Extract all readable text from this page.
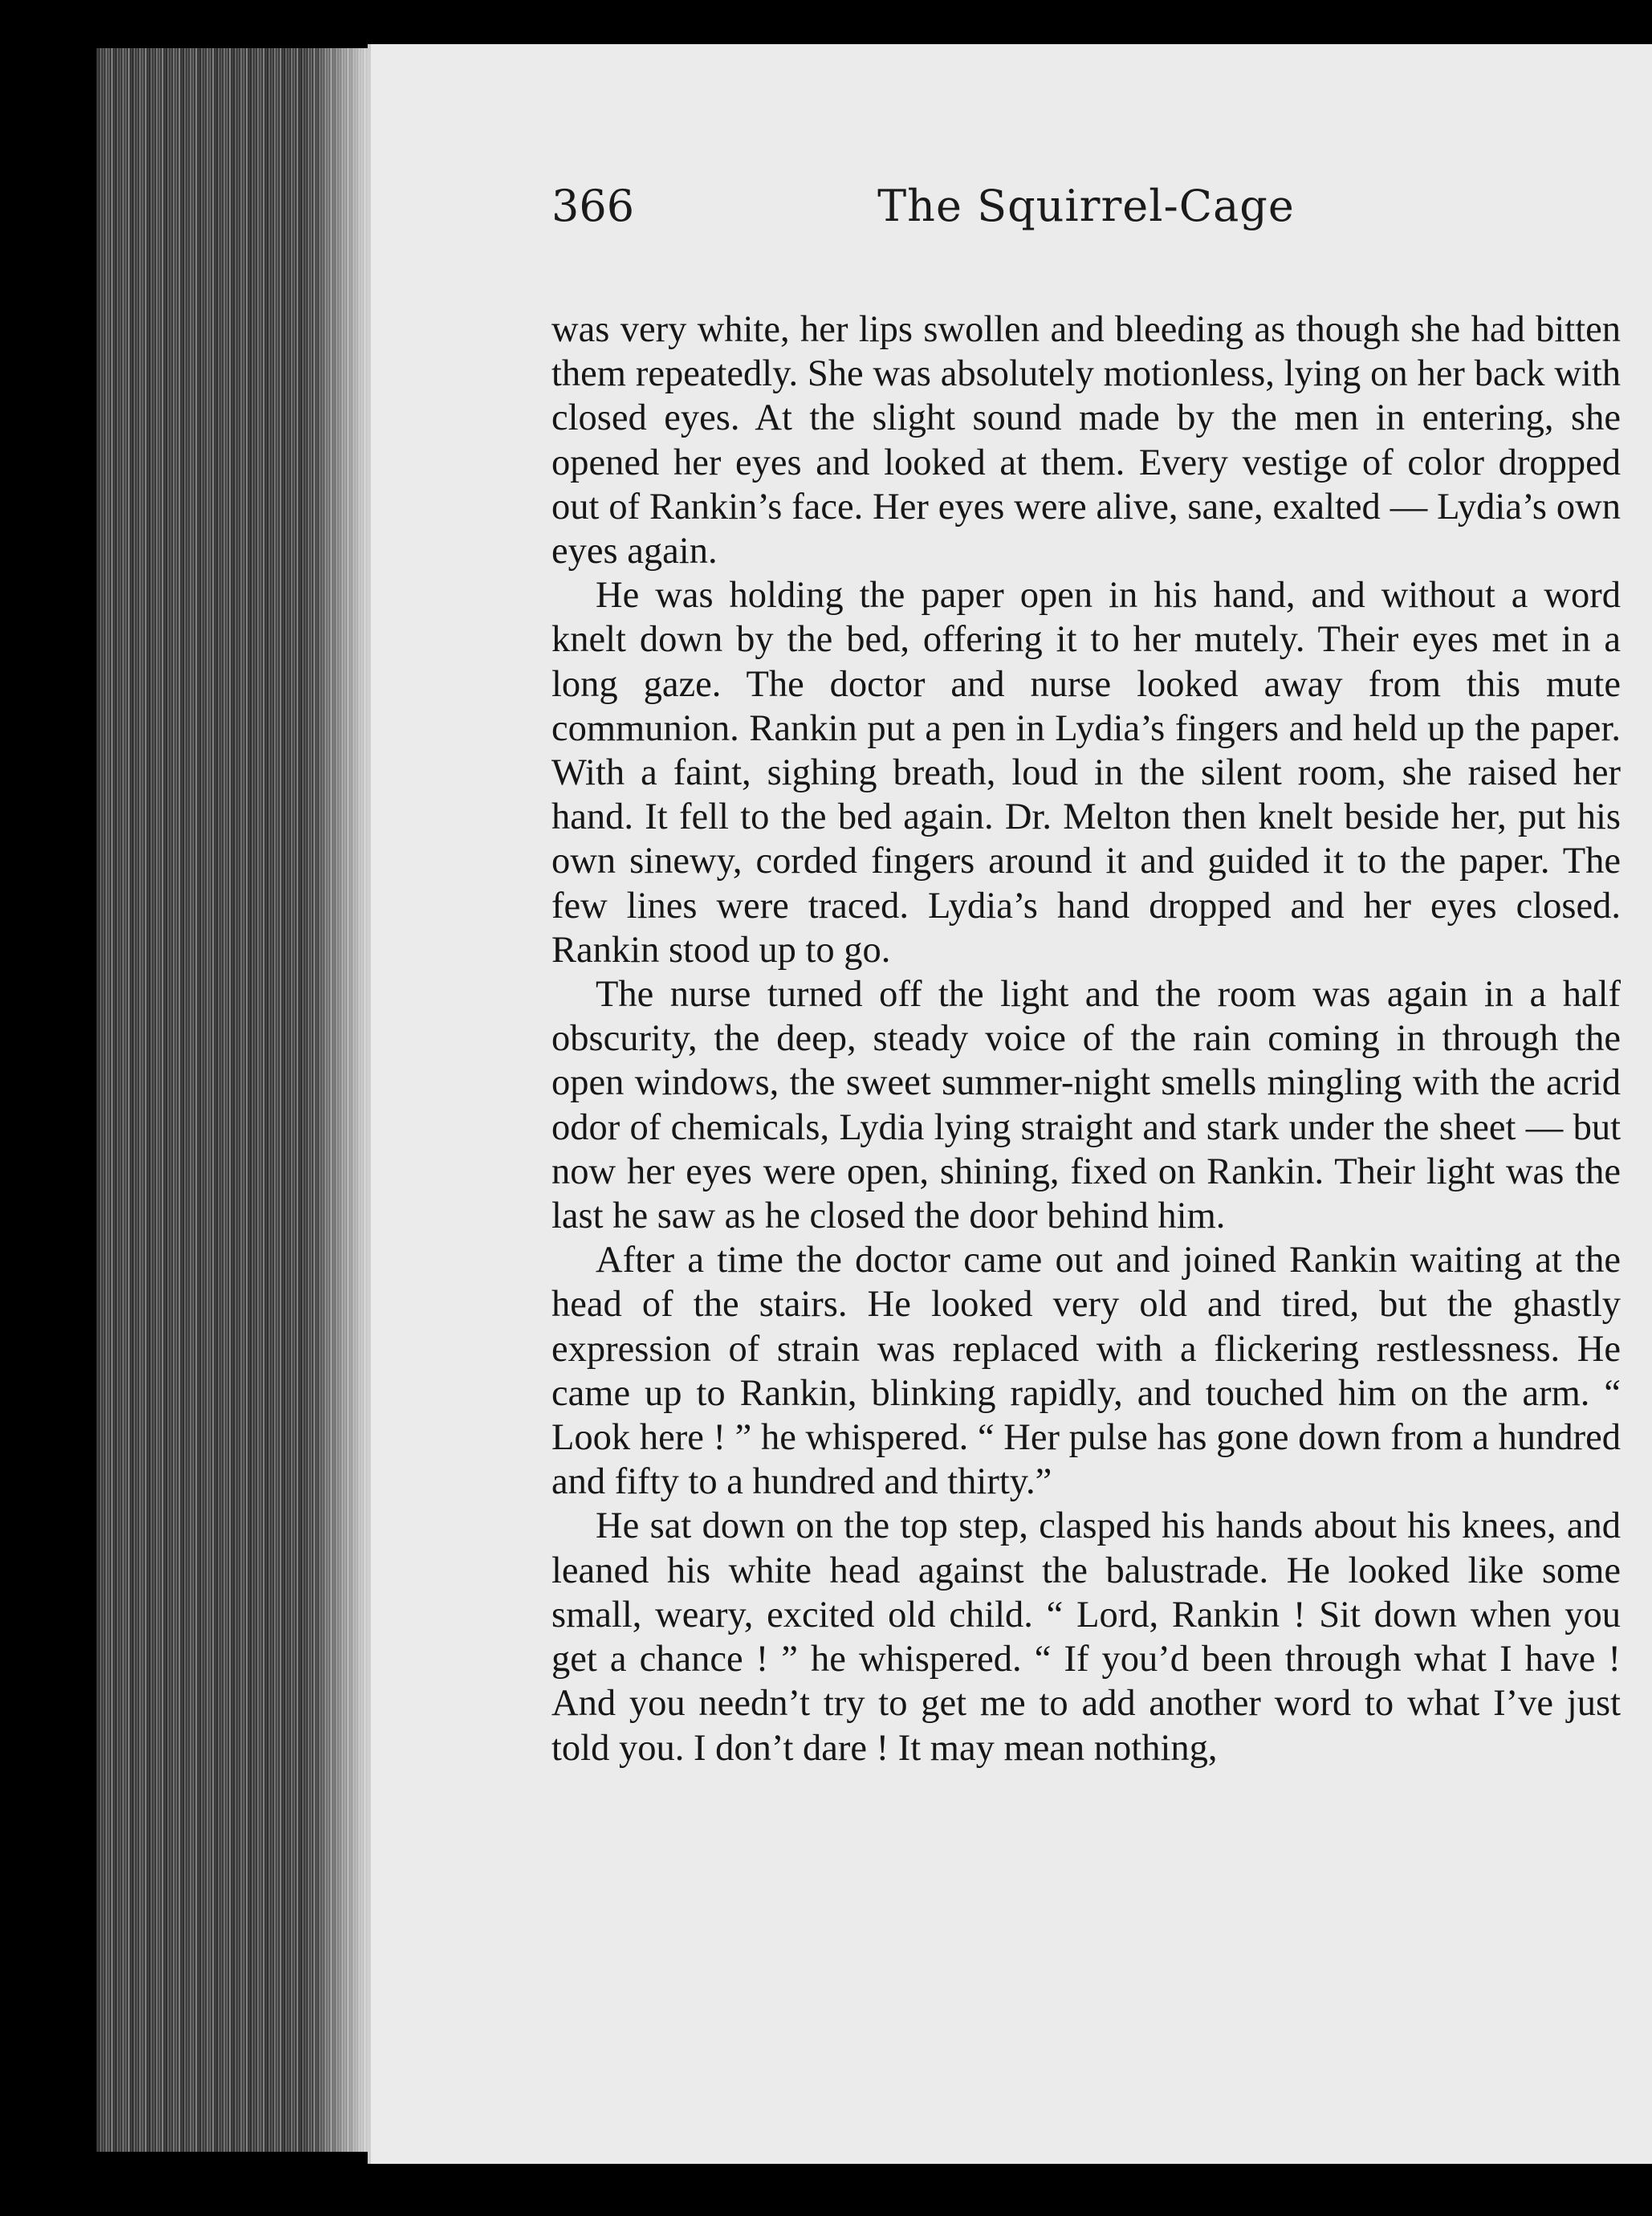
366	The Squirrel-Cage

was very white, her lips swollen and bleeding as though she had bitten them repeatedly. She was absolutely motionless, lying on her back with closed eyes. At the slight sound made by the men in entering, she opened her eyes and looked at them. Every vestige of color dropped out of Rankin’s face. Her eyes were alive, sane, exalted — Lydia’s own eyes again.

He was holding the paper open in his hand, and without a word knelt down by the bed, offering it to her mutely. Their eyes met in a long gaze. The doctor and nurse looked away from this mute communion. Rankin put a pen in Lydia’s fingers and held up the paper. With a faint, sighing breath, loud in the silent room, she raised her hand. It fell to the bed again. Dr. Melton then knelt beside her, put his own sinewy, corded fingers around it and guided it to the paper. The few lines were traced. Lydia’s hand dropped and her eyes closed. Rankin stood up to go.

The nurse turned off the light and the room was again in a half obscurity, the deep, steady voice of the rain coming in through the open windows, the sweet summer-night smells mingling with the acrid odor of chemicals, Lydia lying straight and stark under the sheet — but now her eyes were open, shining, fixed on Rankin. Their light was the last he saw as he closed the door behind him.

After a time the doctor came out and joined Rankin waiting at the head of the stairs. He looked very old and tired, but the ghastly expression of strain was replaced with a flickering restlessness. He came up to Rankin, blinking rapidly, and touched him on the arm. “ Look here ! ” he whispered. “ Her pulse has gone down from a hundred and fifty to a hundred and thirty.”

He sat down on the top step, clasped his hands about his knees, and leaned his white head against the balustrade. He looked like some small, weary, excited old child. “ Lord, Rankin ! Sit down when you get a chance ! ” he whispered. “ If you’d been through what I have ! And you needn’t try to get me to add another word to what I’ve just told you. I don’t dare ! It may mean nothing,
